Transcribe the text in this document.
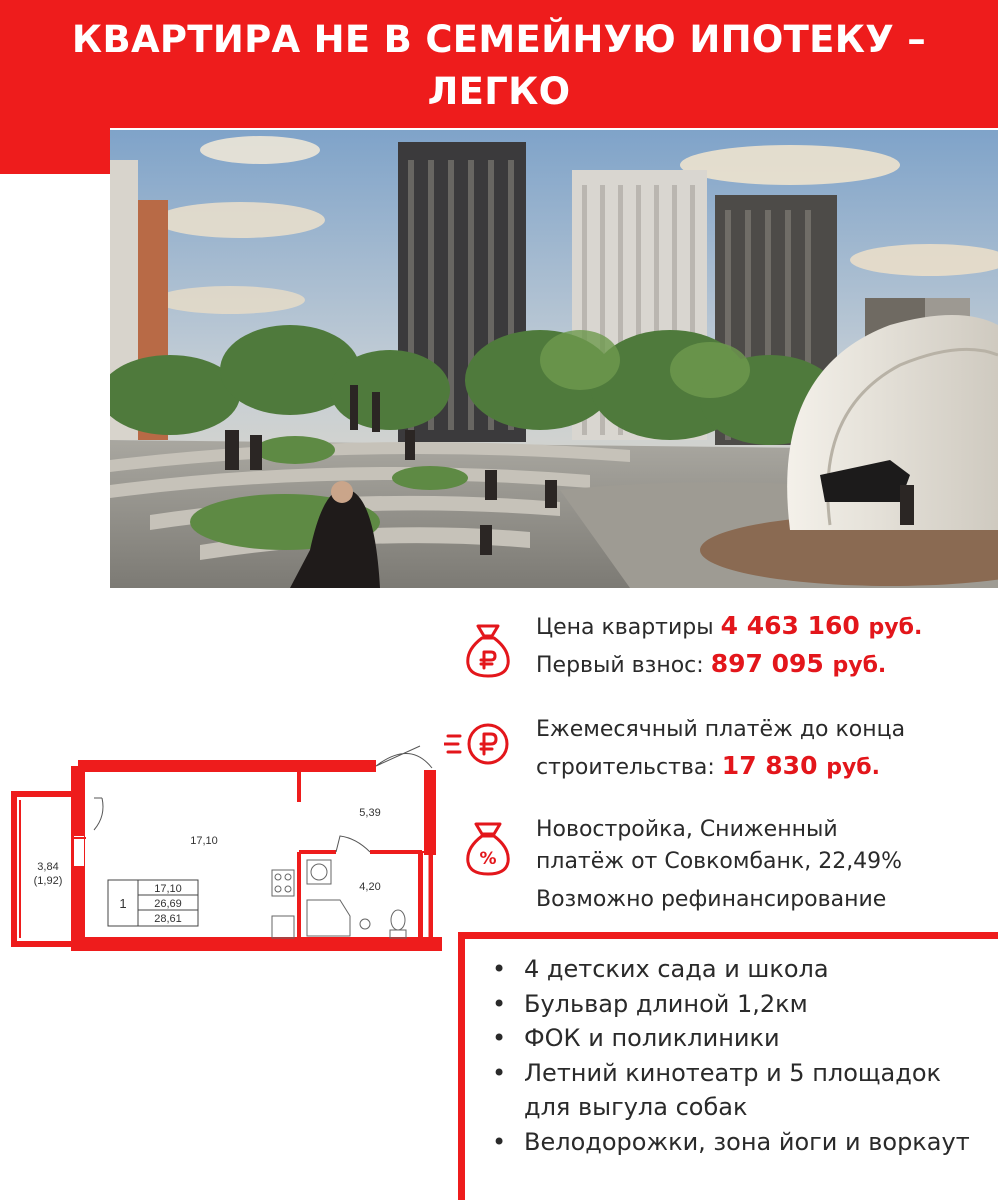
КВАРТИРА НЕ В СЕМЕЙНУЮ ИПОТЕКУ –
ЛЕГКО
Цена квартиры 4 463 160 руб.
Первый взнос: 897 095 руб.
Ежемесячный платёж до конца
строительства: 17 830 руб.
%
Новостройка, Сниженный
платёж от Совкомбанк, 22,49%
Возможно рефинансирование
17,10
5,39
4,20
3,84
(1,92)
1
17,10
26,69
28,61
• 4 детских сада и школа
• Бульвар длиной 1,2км
• ФОК и поликлиники
• Летний кинотеатр и 5 площадок для выгула собак
• Велодорожки, зона йоги и воркаут
